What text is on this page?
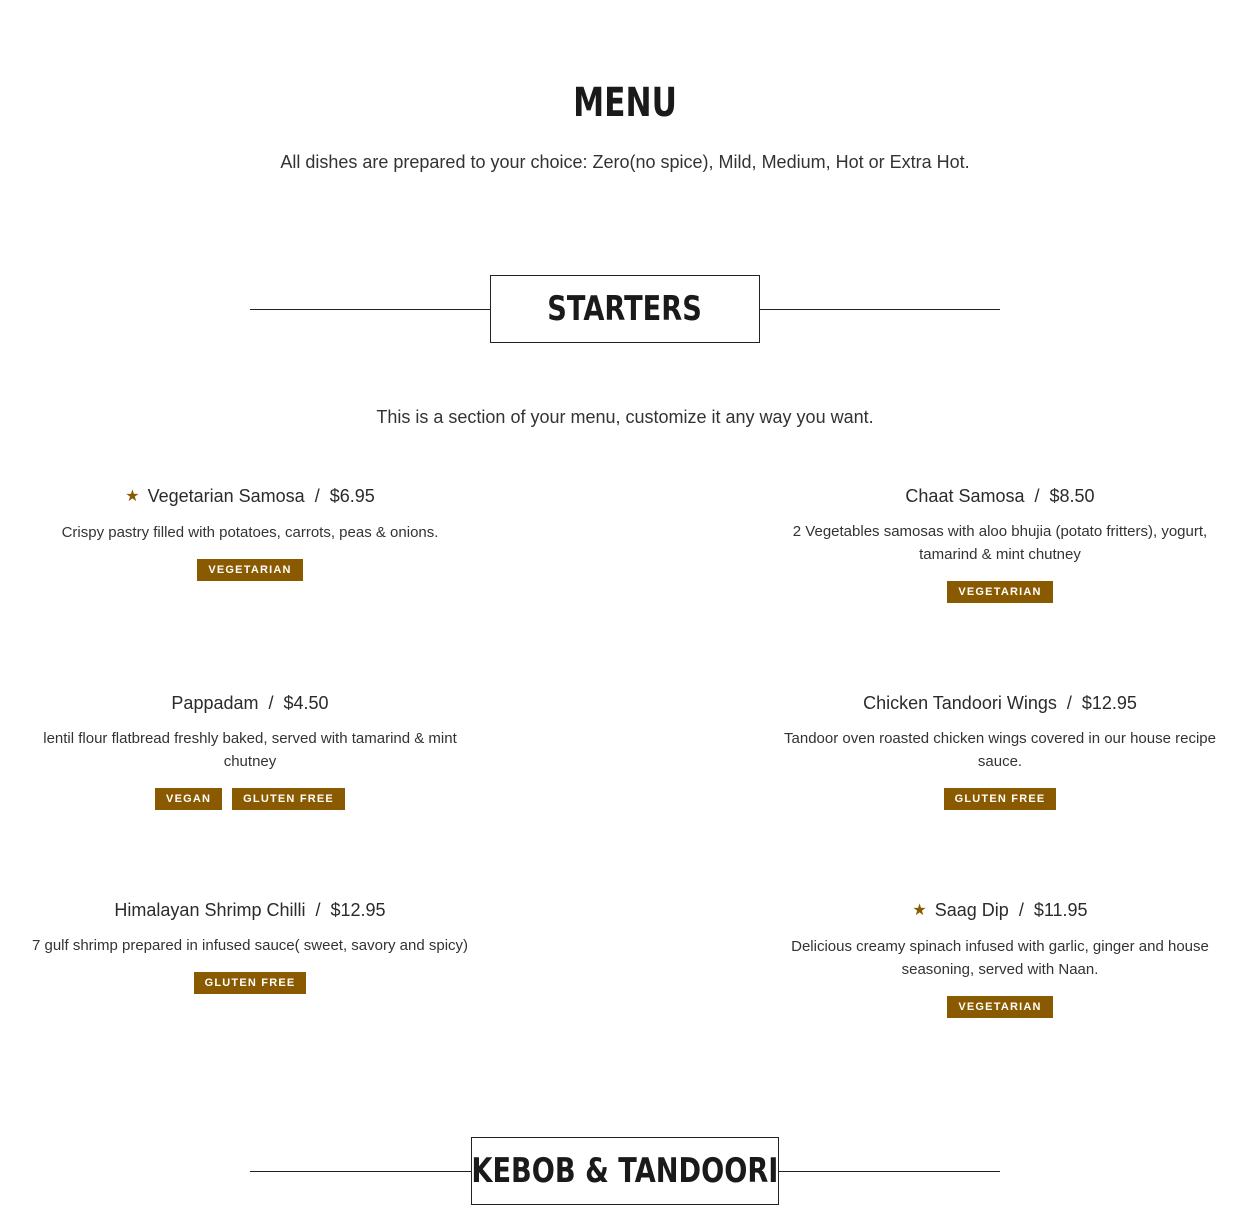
MENU
All dishes are prepared to your choice: Zero(no spice), Mild, Medium, Hot or Extra Hot.
STARTERS
This is a section of your menu, customize it any way you want.
★ Vegetarian Samosa / $6.95
Crispy pastry filled with potatoes, carrots, peas & onions.
VEGETARIAN
Chaat Samosa / $8.50
2 Vegetables samosas with aloo bhujia (potato fritters), yogurt, tamarind & mint chutney
VEGETARIAN
Pappadam / $4.50
lentil flour flatbread freshly baked, served with tamarind & mint chutney
VEGAN	GLUTEN FREE
Chicken Tandoori Wings / $12.95
Tandoor oven roasted chicken wings covered in our house recipe sauce.
GLUTEN FREE
Himalayan Shrimp Chilli / $12.95
7 gulf shrimp prepared in infused sauce( sweet, savory and spicy)
GLUTEN FREE
★ Saag Dip / $11.95
Delicious creamy spinach infused with garlic, ginger and house seasoning, served with Naan.
VEGETARIAN
KEBOB & TANDOORI
